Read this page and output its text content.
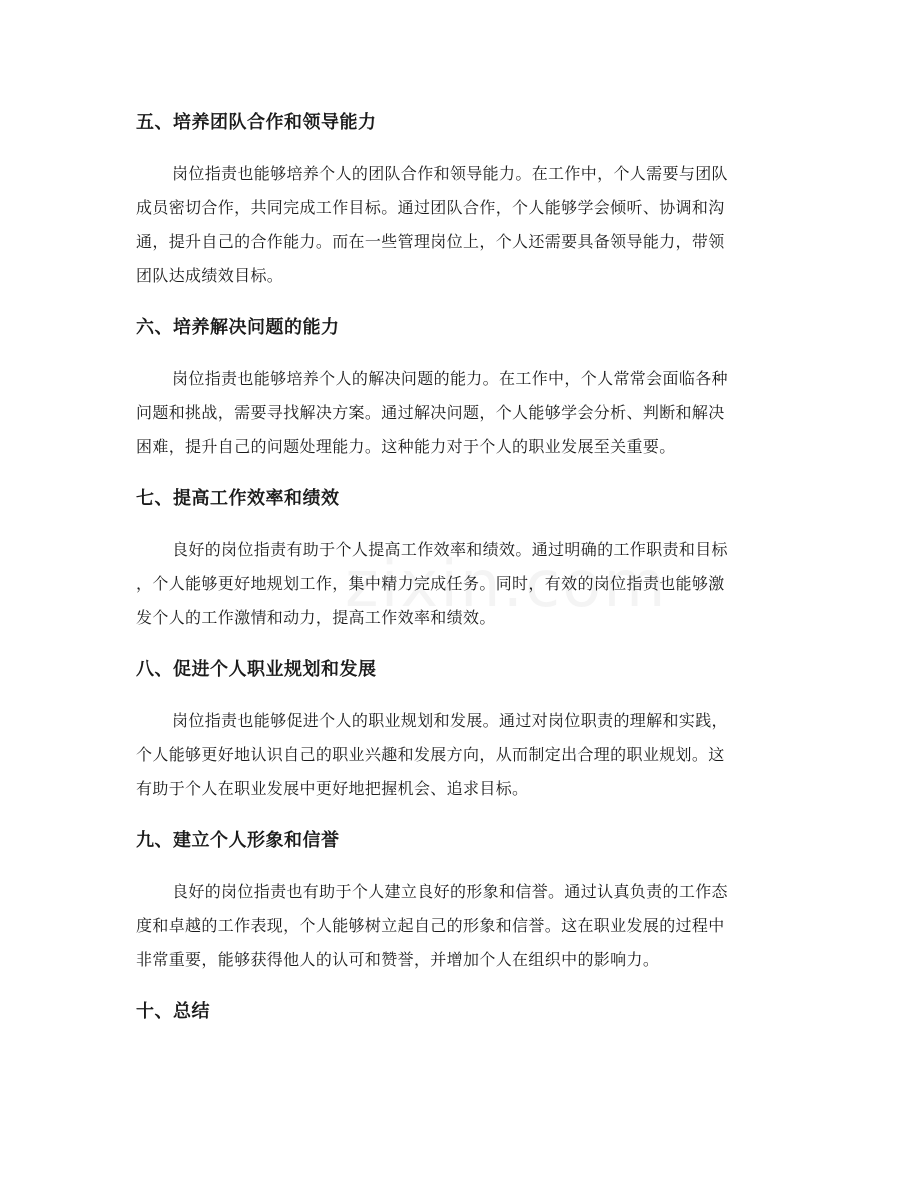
五、培养团队合作和领导能力
岗位指责也能够培养个人的团队合作和领导能力。在工作中，个人需要与团队
成员密切合作，共同完成工作目标。通过团队合作，个人能够学会倾听、协调和沟
通，提升自己的合作能力。而在一些管理岗位上，个人还需要具备领导能力，带领
团队达成绩效目标。
六、培养解决问题的能力
岗位指责也能够培养个人的解决问题的能力。在工作中，个人常常会面临各种
问题和挑战，需要寻找解决方案。通过解决问题，个人能够学会分析、判断和解决
困难，提升自己的问题处理能力。这种能力对于个人的职业发展至关重要。
七、提高工作效率和绩效
良好的岗位指责有助于个人提高工作效率和绩效。通过明确的工作职责和目标
，个人能够更好地规划工作，集中精力完成任务。同时，有效的岗位指责也能够激
发个人的工作激情和动力，提高工作效率和绩效。
八、促进个人职业规划和发展
岗位指责也能够促进个人的职业规划和发展。通过对岗位职责的理解和实践，
个人能够更好地认识自己的职业兴趣和发展方向，从而制定出合理的职业规划。这
有助于个人在职业发展中更好地把握机会、追求目标。
九、建立个人形象和信誉
良好的岗位指责也有助于个人建立良好的形象和信誉。通过认真负责的工作态
度和卓越的工作表现，个人能够树立起自己的形象和信誉。这在职业发展的过程中
非常重要，能够获得他人的认可和赞誉，并增加个人在组织中的影响力。
十、总结
